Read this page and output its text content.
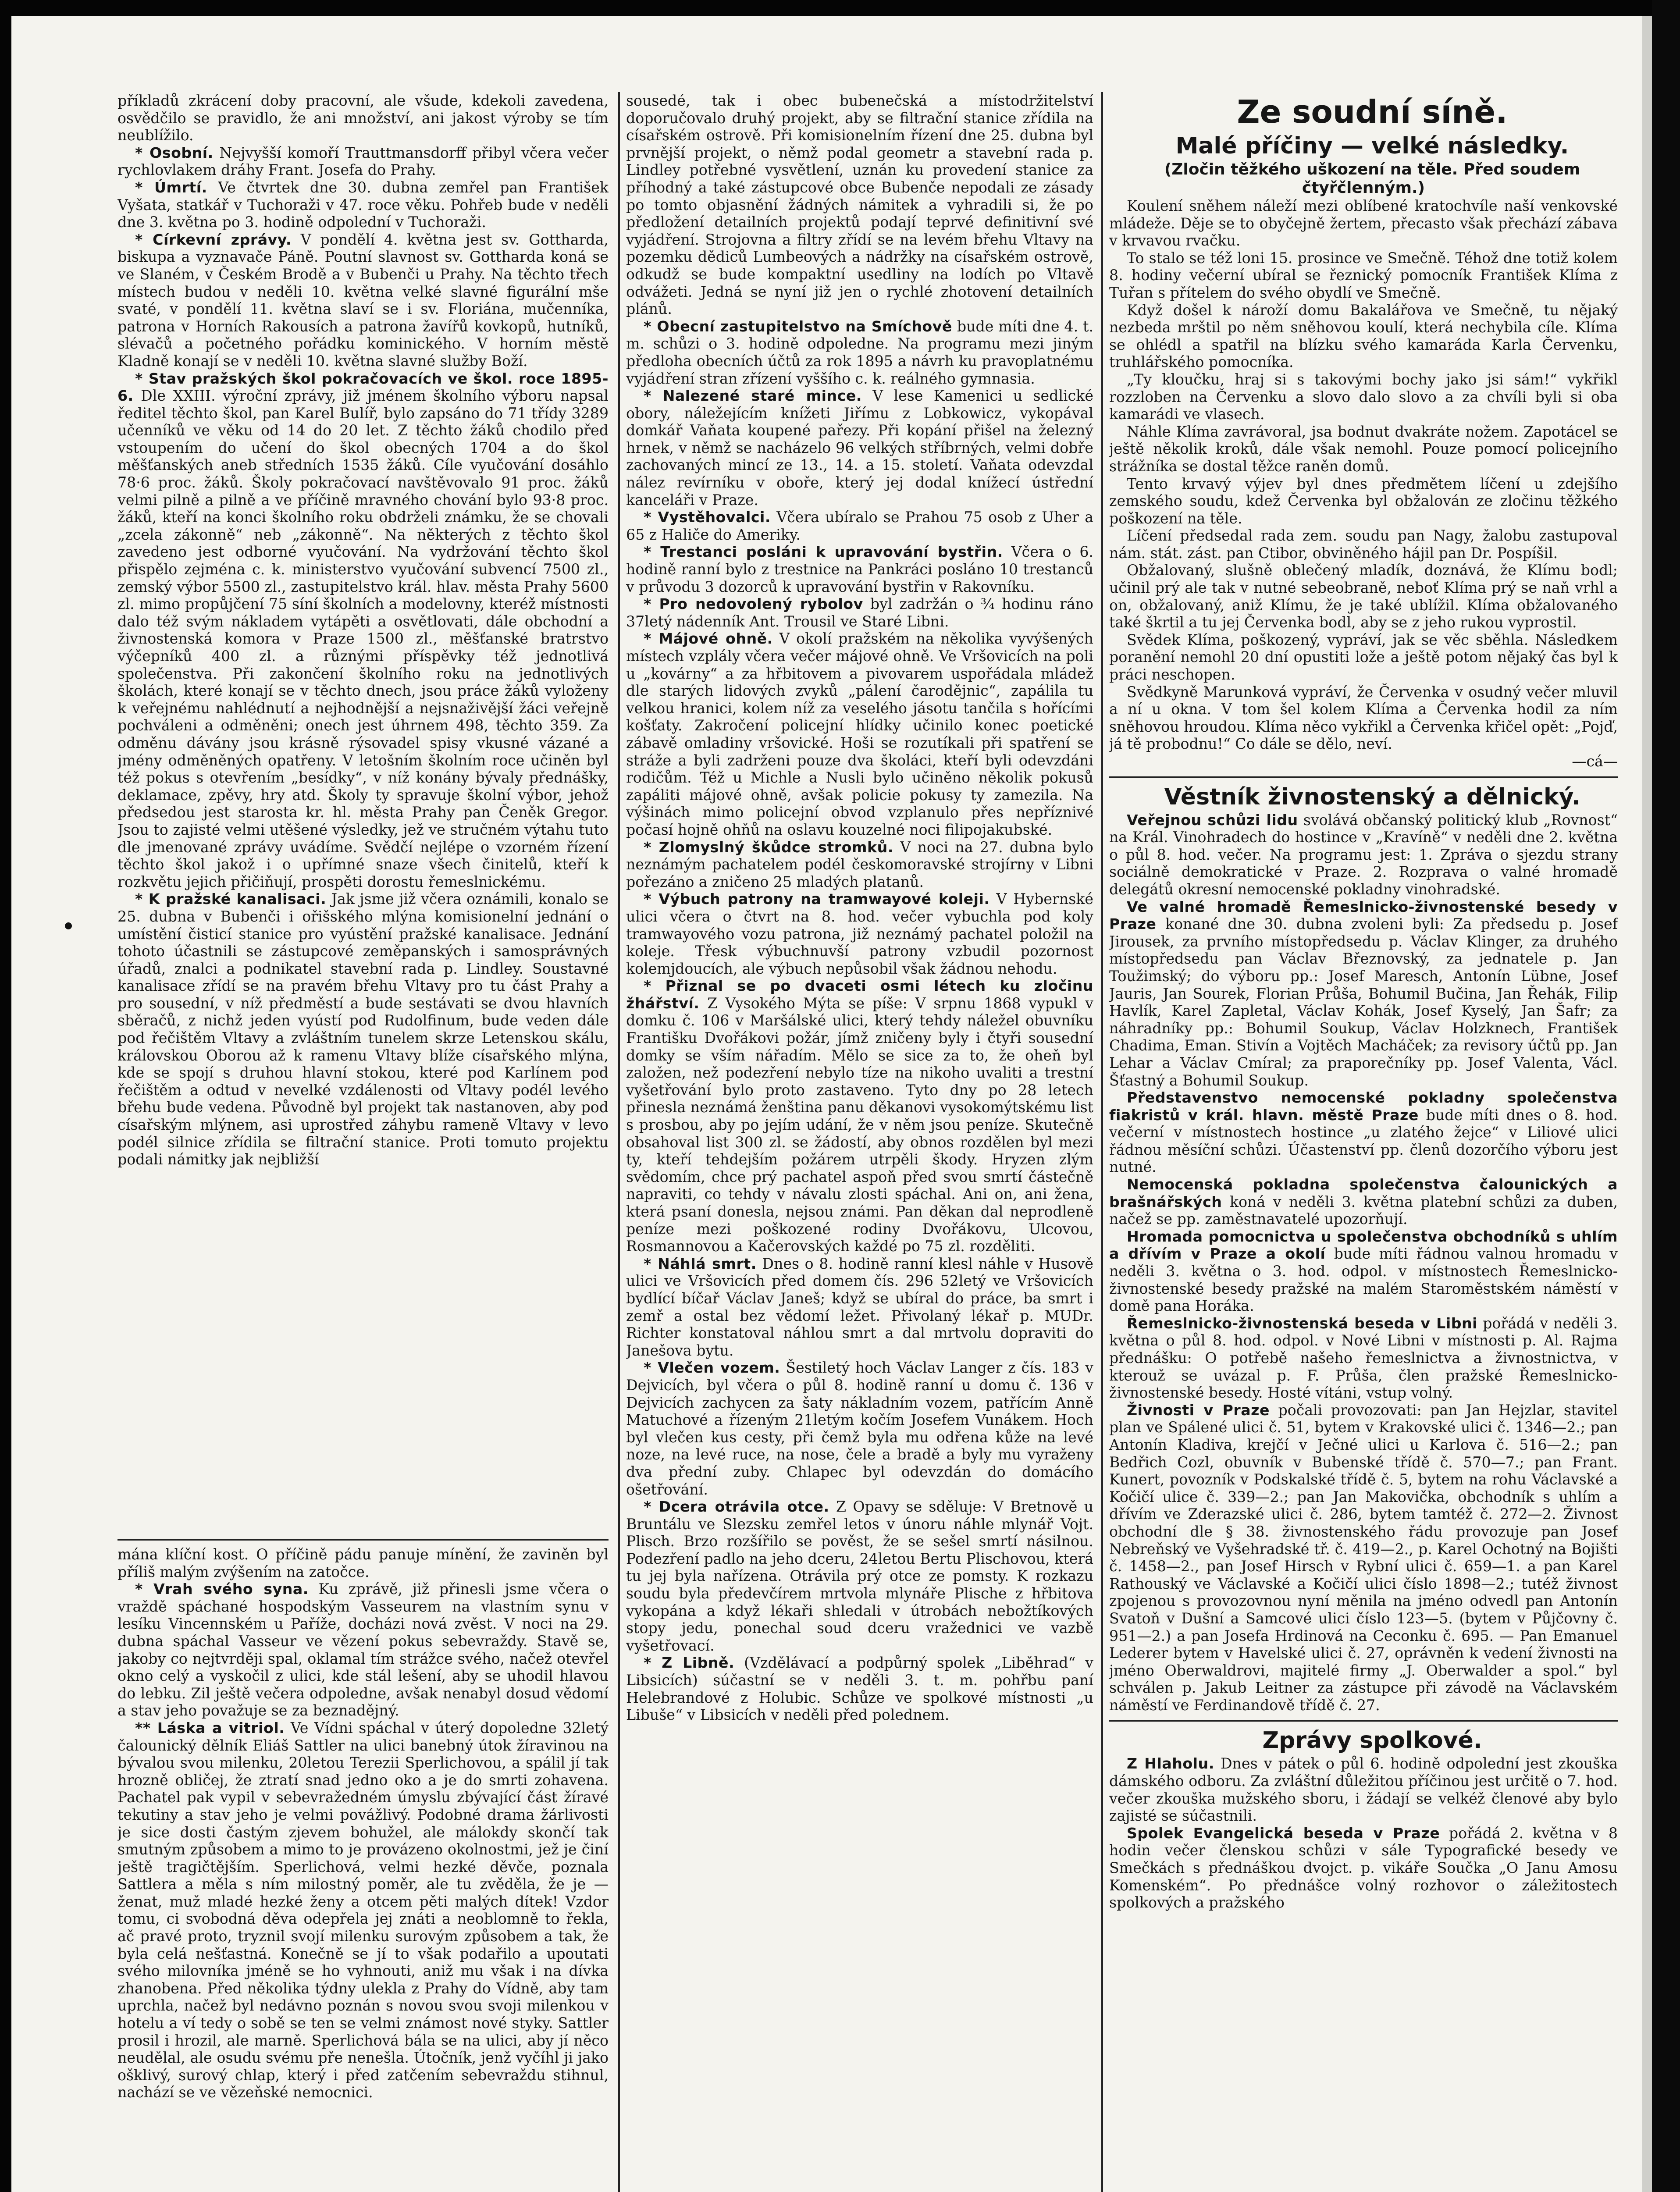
příkladů zkrácení doby pracovní, ale všude, kdekoli zavedena, osvědčilo se pravidlo, že ani množství, ani jakost výroby se tím neublížilo.

* Osobní. Nejvyšší komoří Trauttmansdorff přibyl včera večer rychlovlakem dráhy Frant. Josefa do Prahy.

* Úmrtí. Ve čtvrtek dne 30. dubna zemřel pan František Vyšata, statkář v Tuchoraži v 47. roce věku. Pohřeb bude v neděli dne 3. května po 3. hodině odpolední v Tuchoraži.

* Církevní zprávy. V pondělí 4. května jest sv. Gottharda, biskupa a vyznavače Páně. Poutní slavnost sv. Gottharda koná se ve Slaném, v Českém Brodě a v Bubenči u Prahy. Na těchto třech místech budou v neděli 10. května velké slavné figurální mše svaté, v pondělí 11. května slaví se i sv. Floriána, mučenníka, patrona v Horních Rakousích a patrona žavířů kovkopů, hutníků, slévačů a početného pořádku kominického. V horním městě Kladně konají se v neděli 10. května slavné služby Boží.

* Stav pražských škol pokračovacích ve škol. roce 1895-6. Dle XXIII. výroční zprávy, již jménem školního výboru napsal ředitel těchto škol, pan Karel Bulíř, bylo zapsáno do 71 třídy 3289 učenníků ve věku od 14 do 20 let. Z těchto žáků chodilo před vstoupením do učení do škol obecných 1704 a do škol měšťanských aneb středních 1535 žáků. Cíle vyučování dosáhlo 78·6 proc. žáků. Školy pokračovací navštěvovalo 91 proc. žáků velmi pilně a pilně a ve příčině mravného chování bylo 93·8 proc. žáků, kteří na konci školního roku obdrželi známku, že se chovali „zcela zákonně“ neb „zákonně“. Na některých z těchto škol zavedeno jest odborné vyučování. Na vydržování těchto škol přispělo zejména c. k. ministerstvo vyučování subvencí 7500 zl., zemský výbor 5500 zl., zastupitelstvo král. hlav. města Prahy 5600 zl. mimo propůjčení 75 síní školních a modelovny, kteréž místnosti dalo též svým nákladem vytápěti a osvětlovati, dále obchodní a živnostenská komora v Praze 1500 zl., měšťanské bratrstvo výčepníků 400 zl. a různými příspěvky též jednotlivá společenstva. Při zakončení školního roku na jednotlivých školách, které konají se v těchto dnech, jsou práce žáků vyloženy k veřejnému nahlédnutí a nejhodnější a nejsnaživější žáci veřejně pochváleni a odměněni; onech jest úhrnem 498, těchto 359. Za odměnu dávány jsou krásně rýsovadel spisy vkusné vázané a jmény odměněných opatřeny. V letošním školním roce učiněn byl též pokus s otevřením „besídky“, v níž konány bývaly přednášky, deklamace, zpěvy, hry atd. Školy ty spravuje školní výbor, jehož předsedou jest starosta kr. hl. města Prahy pan Čeněk Gregor. Jsou to zajisté velmi utěšené výsledky, jež ve stručném výtahu tuto dle jmenované zprávy uvádíme. Svědčí nejlépe o vzorném řízení těchto škol jakož i o upřímné snaze všech činitelů, kteří k rozkvětu jejich přičiňují, prospěti dorostu řemeslnickému.

* K pražské kanalisaci. Jak jsme již včera oznámili, konalo se 25. dubna v Bubenči i ořišského mlýna komisionelní jednání o umístění čisticí stanice pro vyústění pražské kanalisace. Jednání tohoto účastnili se zástupcové zeměpanských i samosprávných úřadů, znalci a podnikatel stavební rada p. Lindley. Soustavné kanalisace zřídí se na pravém břehu Vltavy pro tu část Prahy a pro sousední, v níž předměstí a bude sestávati se dvou hlavních sběračů, z nichž jeden vyústí pod Rudolfinum, bude veden dále pod řečištěm Vltavy a zvláštním tunelem skrze Letenskou skálu, královskou Oborou až k ramenu Vltavy blíže císařského mlýna, kde se spojí s druhou hlavní stokou, které pod Karlínem pod řečištěm a odtud v nevelké vzdálenosti od Vltavy podél levého břehu bude vedena. Původně byl projekt tak nastanoven, aby pod císařským mlýnem, asi uprostřed záhybu rameně Vltavy v levo podél silnice zřídila se filtrační stanice. Proti tomuto projektu podali námitky jak nejbližší

mána klíční kost. O příčině pádu panuje mínění, že zaviněn byl příliš malým zvýšením na zatočce.

* Vrah svého syna. Ku zprávě, již přinesli jsme včera o vraždě spáchané hospodským Vasseurem na vlastním synu v lesíku Vincennském u Paříže, docházi nová zvěst. V noci na 29. dubna spáchal Vasseur ve vězení pokus sebevraždy. Stavě se, jakoby co nejtvrději spal, oklamal tím strážce svého, načež otevřel okno celý a vyskočil z ulici, kde stál lešení, aby se uhodil hlavou do lebku. Zil ještě večera odpoledne, avšak nenabyl dosud vědomí a stav jeho považuje se za beznadějný.

** Láska a vitriol. Ve Vídni spáchal v úterý dopoledne 32letý čalounický dělník Eliáš Sattler na ulici banebný útok žíravinou na bývalou svou milenku, 20letou Terezii Sperlichovou, a spálil jí tak hrozně obličej, že ztratí snad jedno oko a je do smrti zohavena. Pachatel pak vypil v sebevražedném úmyslu zbývající část žíravé tekutiny a stav jeho je velmi povážlivý. Podobné drama žárlivosti je sice dosti častým zjevem bohužel, ale málokdy skončí tak smutným způsobem a mimo to je provázeno okolnostmi, jež je činí ještě tragičtějším. Sperlichová, velmi hezké děvče, poznala Sattlera a měla s ním milostný poměr, ale tu zvěděla, že je — ženat, muž mladé hezké ženy a otcem pěti malých dítek! Vzdor tomu, ci svobodná děva odepřela jej znáti a neoblomně to řekla, ač pravé proto, tryznil svojí milenku surovým způsobem a tak, že byla celá nešťastná. Konečně se jí to však podařilo a upoutati svého milovníka jméně se ho vyhnouti, aniž mu však i na dívka zhanobena. Před několika týdny ulekla z Prahy do Vídně, aby tam uprchla, načež byl nedávno poznán s novou svou svoji milenkou v hotelu a ví tedy o sobě se ten se velmi známost nové styky. Sattler prosil i hrozil, ale marně. Sperlichová bála se na ulici, aby jí něco neudělal, ale osudu svému pře nenešla. Útočník, jenž vyčíhl ji jako ošklivý, surový chlap, který i před zatčením sebevraždu stihnul, nachází se ve vězeňské nemocnici.

sousedé, tak i obec bubenečská a místodržitelství doporučovalo druhý projekt, aby se filtrační stanice zřídila na císařském ostrově. Při komisionelním řízení dne 25. dubna byl prvnější projekt, o němž podal geometr a stavební rada p. Lindley potřebné vysvětlení, uznán ku provedení stanice za příhodný a také zástupcové obce Bubenče nepodali ze zásady po tomto objasnění žádných námitek a vyhradili si, že po předložení detailních projektů podají teprvé definitivní své vyjádření. Strojovna a filtry zřídí se na levém břehu Vltavy na pozemku dědiců Lumbeových a nádržky na císařském ostrově, odkudž se bude kompaktní usedliny na lodích po Vltavě odvážeti. Jedná se nyní již jen o rychlé zhotovení detailních plánů.

* Obecní zastupitelstvo na Smíchově bude míti dne 4. t. m. schůzi o 3. hodině odpoledne. Na programu mezi jiným předloha obecních účtů za rok 1895 a návrh ku pravoplatnému vyjádření stran zřízení vyššího c. k. reálného gymnasia.

* Nalezené staré mince. V lese Kamenici u sedlické obory, náležejícím knížeti Jiřímu z Lobkowicz, vykopával domkář Vaňata koupené pařezy. Při kopání přišel na železný hrnek, v němž se nacházelo 96 velkých stříbrných, velmi dobře zachovaných mincí ze 13., 14. a 15. století. Vaňata odevzdal nález revírníku v oboře, který jej dodal knížecí ústřední kanceláři v Praze.

* Vystěhovalci. Včera ubíralo se Prahou 75 osob z Uher a 65 z Haliče do Ameriky.

* Trestanci posláni k upravování bystřin. Včera o 6. hodině ranní bylo z trestnice na Pankráci posláno 10 trestanců v průvodu 3 dozorců k upravování bystřin v Rakovníku.

* Pro nedovolený rybolov byl zadržán o ¾ hodinu ráno 37letý nádenník Ant. Trousil ve Staré Libni.

* Májové ohně. V okolí pražském na několika vyvýšených místech vzplály včera večer májové ohně. Ve Vršovicích na poli u „kovárny“ a za hřbitovem a pivovarem uspořádala mládež dle starých lidových zvyků „pálení čarodějnic“, zapálila tu velkou hranici, kolem níž za veselého jásotu tančila s hořícími košťaty. Zakročení policejní hlídky učinilo konec poetické zábavě omladiny vršovické. Hoši se rozutíkali při spatření se stráže a byli zadrženi pouze dva školáci, kteří byli odevzdáni rodičům. Též u Michle a Nusli bylo učiněno několik pokusů zapáliti májové ohně, avšak policie pokusy ty zamezila. Na výšinách mimo policejní obvod vzplanulo přes nepříznivé počasí hojně ohňů na oslavu kouzelné noci filipojakubské.

* Zlomyslný škůdce stromků. V noci na 27. dubna bylo neznámým pachatelem podél českomoravské strojírny v Libni pořezáno a zničeno 25 mladých platanů.

* Výbuch patrony na tramwayové koleji. V Hybernské ulici včera o čtvrt na 8. hod. večer vybuchla pod koly tramwayového vozu patrona, již neznámý pachatel položil na koleje. Třesk výbuchnuvší patrony vzbudil pozornost kolemjdoucích, ale výbuch nepůsobil však žádnou nehodu.

* Přiznal se po dvaceti osmi létech ku zločinu žhářství. Z Vysokého Mýta se píše: V srpnu 1868 vypukl v domku č. 106 v Maršálské ulici, který tehdy náležel obuvníku Františku Dvořákovi požár, jímž zničeny byly i čtyři sousední domky se vším nářadím. Mělo se sice za to, že oheň byl založen, než podezření nebylo tíze na nikoho uvaliti a trestní vyšetřování bylo proto zastaveno. Tyto dny po 28 letech přinesla neznámá ženština panu děkanovi vysokomýtskému list s prosbou, aby po jejím udání, že v něm jsou peníze. Skutečně obsahoval list 300 zl. se žádostí, aby obnos rozdělen byl mezi ty, kteří tehdejším požárem utrpěli škody. Hryzen zlým svědomím, chce prý pachatel aspoň před svou smrtí částečně napraviti, co tehdy v návalu zlosti spáchal. Ani on, ani žena, která psaní donesla, nejsou známi. Pan děkan dal neprodleně peníze mezi poškozené rodiny Dvořákovu, Ulcovou, Rosmannovou a Kačerovských každé po 75 zl. rozděliti.

* Náhlá smrt. Dnes o 8. hodině ranní klesl náhle v Husově ulici ve Vršovicích před domem čís. 296 52letý ve Vršovicích bydlící bíčař Václav Janeš; když se ubíral do práce, ba smrt i zemř a ostal bez vědomí ležet. Přivolaný lékař p. MUDr. Richter konstatoval náhlou smrt a dal mrtvolu dopraviti do Janešova bytu.

* Vlečen vozem. Šestiletý hoch Václav Langer z čís. 183 v Dejvicích, byl včera o půl 8. hodině ranní u domu č. 136 v Dejvicích zachycen za šaty nákladním vozem, patřícím Anně Matuchové a řízeným 21letým kočím Josefem Vunákem. Hoch byl vlečen kus cesty, při čemž byla mu odřena kůže na levé noze, na levé ruce, na nose, čele a bradě a byly mu vyraženy dva přední zuby. Chlapec byl odevzdán do domácího ošetřování.

* Dcera otrávila otce. Z Opavy se sděluje: V Bretnově u Bruntálu ve Slezsku zemřel letos v únoru náhle mlynář Vojt. Plisch. Brzo rozšířilo se pověst, že se sešel smrtí násilnou. Podezření padlo na jeho dceru, 24letou Bertu Plischovou, která tu jej byla nařízena. Otrávila prý otce ze pomsty. K rozkazu soudu byla předevčírem mrtvola mlynáře Plische z hřbitova vykopána a když lékaři shledali v útrobách nebožtíkových stopy jedu, ponechal soud dceru vražednici ve vazbě vyšetřovací.

* Z Libně. (Vzdělávací a podpůrný spolek „Liběhrad“ v Libsicích) súčastní se v neděli 3. t. m. pohřbu paní Helebrandové z Holubic. Schůze ve spolkové místnosti „u Libuše“ v Libsicích v neděli před polednem.

Ze soudní síně.

Malé příčiny — velké následky.

(Zločin těžkého uškození na těle. Před soudem čtyřčlenným.)

Koulení sněhem náleží mezi oblíbené kratochvíle naší venkovské mládeže. Děje se to obyčejně žertem, přecasto však přechází zábava v krvavou rvačku.

To stalo se též loni 15. prosince ve Smečně. Téhož dne totiž kolem 8. hodiny večerní ubíral se řeznický pomocník František Klíma z Tuřan s přítelem do svého obydlí ve Smečně.

Když došel k nároží domu Bakalářova ve Smečně, tu nějaký nezbeda mrštil po něm sněhovou koulí, která nechybila cíle. Klíma se ohlédl a spatřil na blízku svého kamaráda Karla Červenku, truhlářského pomocníka.

„Ty kloučku, hraj si s takovými bochy jako jsi sám!“ vykřikl rozzloben na Červenku a slovo dalo slovo a za chvíli byli si oba kamarádi ve vlasech.

Náhle Klíma zavrávoral, jsa bodnut dvakráte nožem. Zapotácel se ještě několik kroků, dále však nemohl. Pouze pomocí policejního strážníka se dostal těžce raněn domů.

Tento krvavý výjev byl dnes předmětem líčení u zdejšího zemského soudu, kdež Červenka byl obžalován ze zločinu těžkého poškození na těle.

Líčení předsedal rada zem. soudu pan Nagy, žalobu zastupoval nám. stát. zást. pan Ctibor, obviněného hájil pan Dr. Pospíšil.

Obžalovaný, slušně oblečený mladík, doznává, že Klímu bodl; učinil prý ale tak v nutné sebeobraně, neboť Klíma prý se naň vrhl a on, obžalovaný, aniž Klímu, že je také ublížil. Klíma obžalovaného také škrtil a tu jej Červenka bodl, aby se z jeho rukou vyprostil.

Svědek Klíma, poškozený, vypráví, jak se věc sběhla. Následkem poranění nemohl 20 dní opustiti lože a ještě potom nějaký čas byl k práci neschopen.

Svědkyně Marunková vypráví, že Červenka v osudný večer mluvil a ní u okna. V tom šel kolem Klíma a Červenka hodil za ním sněhovou hroudou. Klíma něco vykřikl a Červenka křičel opět: „Pojď, já tě probodnu!“ Co dále se dělo, neví.

—cá—

Věstník živnostenský a dělnický.

Veřejnou schůzi lidu svolává občanský politický klub „Rovnost“ na Král. Vinohradech do hostince v „Kravíně“ v neděli dne 2. května o půl 8. hod. večer. Na programu jest: 1. Zpráva o sjezdu strany sociálně demokratické v Praze. 2. Rozprava o valné hromadě delegátů okresní nemocenské pokladny vinohradské.

Ve valné hromadě Řemeslnicko-živnostenské besedy v Praze konané dne 30. dubna zvoleni byli: Za předsedu p. Josef Jirousek, za prvního místopředsedu p. Václav Klinger, za druhého místopředsedu pan Václav Březnovský, za jednatele p. Jan Toužimský; do výboru pp.: Josef Maresch, Antonín Lübne, Josef Jauris, Jan Sourek, Florian Průša, Bohumil Bučina, Jan Řehák, Filip Havlík, Karel Zapletal, Václav Kohák, Josef Kyselý, Jan Šafr; za náhradníky pp.: Bohumil Soukup, Václav Holzknech, František Chadima, Eman. Stivín a Vojtěch Macháček; za revisory účtů pp. Jan Lehar a Václav Cmíral; za praporečníky pp. Josef Valenta, Václ. Šťastný a Bohumil Soukup.

Představenstvo nemocenské pokladny společenstva fiakristů v král. hlavn. městě Praze bude míti dnes o 8. hod. večerní v místnostech hostince „u zlatého žejce“ v Liliové ulici řádnou měsíční schůzi. Účastenství pp. členů dozorčího výboru jest nutné.

Nemocenská pokladna společenstva čalounických a brašnářských koná v neděli 3. května platební schůzi za duben, načež se pp. zaměstnavatelé upozorňují.

Hromada pomocnictva u společenstva obchodníků s uhlím a dřívím v Praze a okolí bude míti řádnou valnou hromadu v neděli 3. května o 3. hod. odpol. v místnostech Řemeslnicko-živnostenské besedy pražské na malém Staroměstském náměstí v domě pana Horáka.

Řemeslnicko-živnostenská beseda v Libni pořádá v neděli 3. května o půl 8. hod. odpol. v Nové Libni v místnosti p. Al. Rajma přednášku: O potřebě našeho řemeslnictva a živnostnictva, v kterouž se uvázal p. F. Průša, člen pražské Řemeslnicko-živnostenské besedy. Hosté vítáni, vstup volný.

Živnosti v Praze počali provozovati: pan Jan Hejzlar, stavitel plan ve Spálené ulici č. 51, bytem v Krakovské ulici č. 1346—2.; pan Antonín Kladiva, krejčí v Ječné ulici u Karlova č. 516—2.; pan Bedřich Cozl, obuvník v Bubenské třídě č. 570—7.; pan Frant. Kunert, povozník v Podskalské třídě č. 5, bytem na rohu Václavské a Kočičí ulice č. 339—2.; pan Jan Makovička, obchodník s uhlím a dřívím ve Zderazské ulici č. 286, bytem tamtéž č. 272—2. Živnost obchodní dle § 38. živnostenského řádu provozuje pan Josef Nebreňský ve Vyšehradské tř. č. 419—2., p. Karel Ochotný na Bojišti č. 1458—2., pan Josef Hirsch v Rybní ulici č. 659—1. a pan Karel Rathouský ve Václavské a Kočičí ulici číslo 1898—2.; tutéž živnost zpojenou s provozovnou nyní měnila na jméno odvedl pan Antonín Svatoň v Dušní a Samcové ulici číslo 123—5. (bytem v Půjčovny č. 951—2.) a pan Josefa Hrdinová na Ceconku č. 695. — Pan Emanuel Lederer bytem v Havelské ulici č. 27, oprávněn k vedení živnosti na jméno Oberwaldrovi, majitelé firmy „J. Oberwalder a spol.“ byl schválen p. Jakub Leitner za zástupce při závodě na Václavském náměstí ve Ferdinandově třídě č. 27.

Zprávy spolkové.

Z Hlaholu. Dnes v pátek o půl 6. hodině odpolední jest zkouška dámského odboru. Za zvláštní důležitou příčinou jest určitě o 7. hod. večer zkouška mužského sboru, i žádají se velkéž členové aby bylo zajisté se súčastnili.

Spolek Evangelická beseda v Praze pořádá 2. května v 8 hodin večer členskou schůzi v sále Typografické besedy ve Smečkách s přednáškou dvojct. p. vikáře Součka „O Janu Amosu Komenském“. Po přednášce volný rozhovor o záležitostech spolkových a pražského
